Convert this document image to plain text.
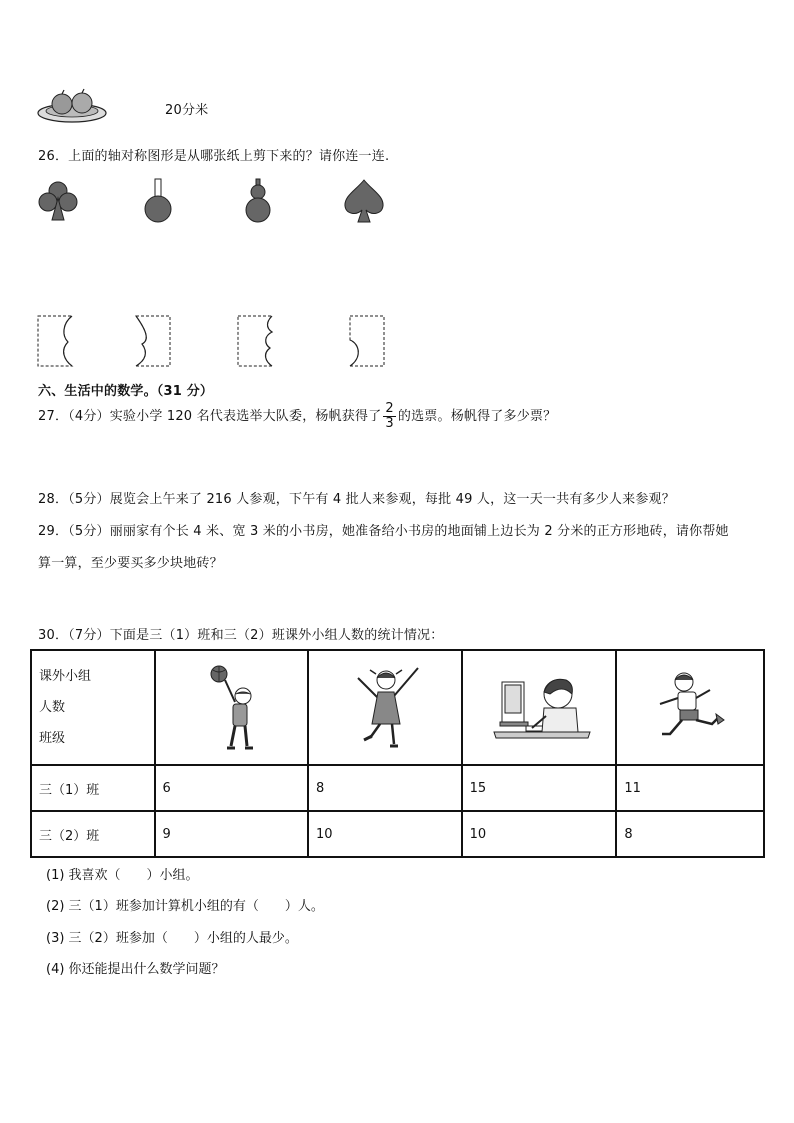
20分米
26．上面的轴对称图形是从哪张纸上剪下来的？请你连一连.
六、生活中的数学。（31 分）
27．（4分）实验小学 120 名代表选举大队委，杨帆获得了 $\frac{2}{3}$ 的选票。杨帆得了多少票？
28．（5分）展览会上午来了 216 人参观，下午有 4 批人来参观，每批 49 人，这一天一共有多少人来参观？
29．（5分）丽丽家有个长 4 米、宽 3 米的小书房，她准备给小书房的地面铺上边长为 2 分米的正方形地砖，请你帮她
算一算，至少要买多少块地砖？
30．（7分）下面是三（1）班和三（2）班课外小组人数的统计情况：
课外小组
人数
班级

三（1）班	6	8	15	11
三（2）班	9	10	10	8
(1) 我喜欢（　　）小组。
(2) 三（1）班参加计算机小组的有（　　）人。
(3) 三（2）班参加（　　）小组的人最少。
(4) 你还能提出什么数学问题？
